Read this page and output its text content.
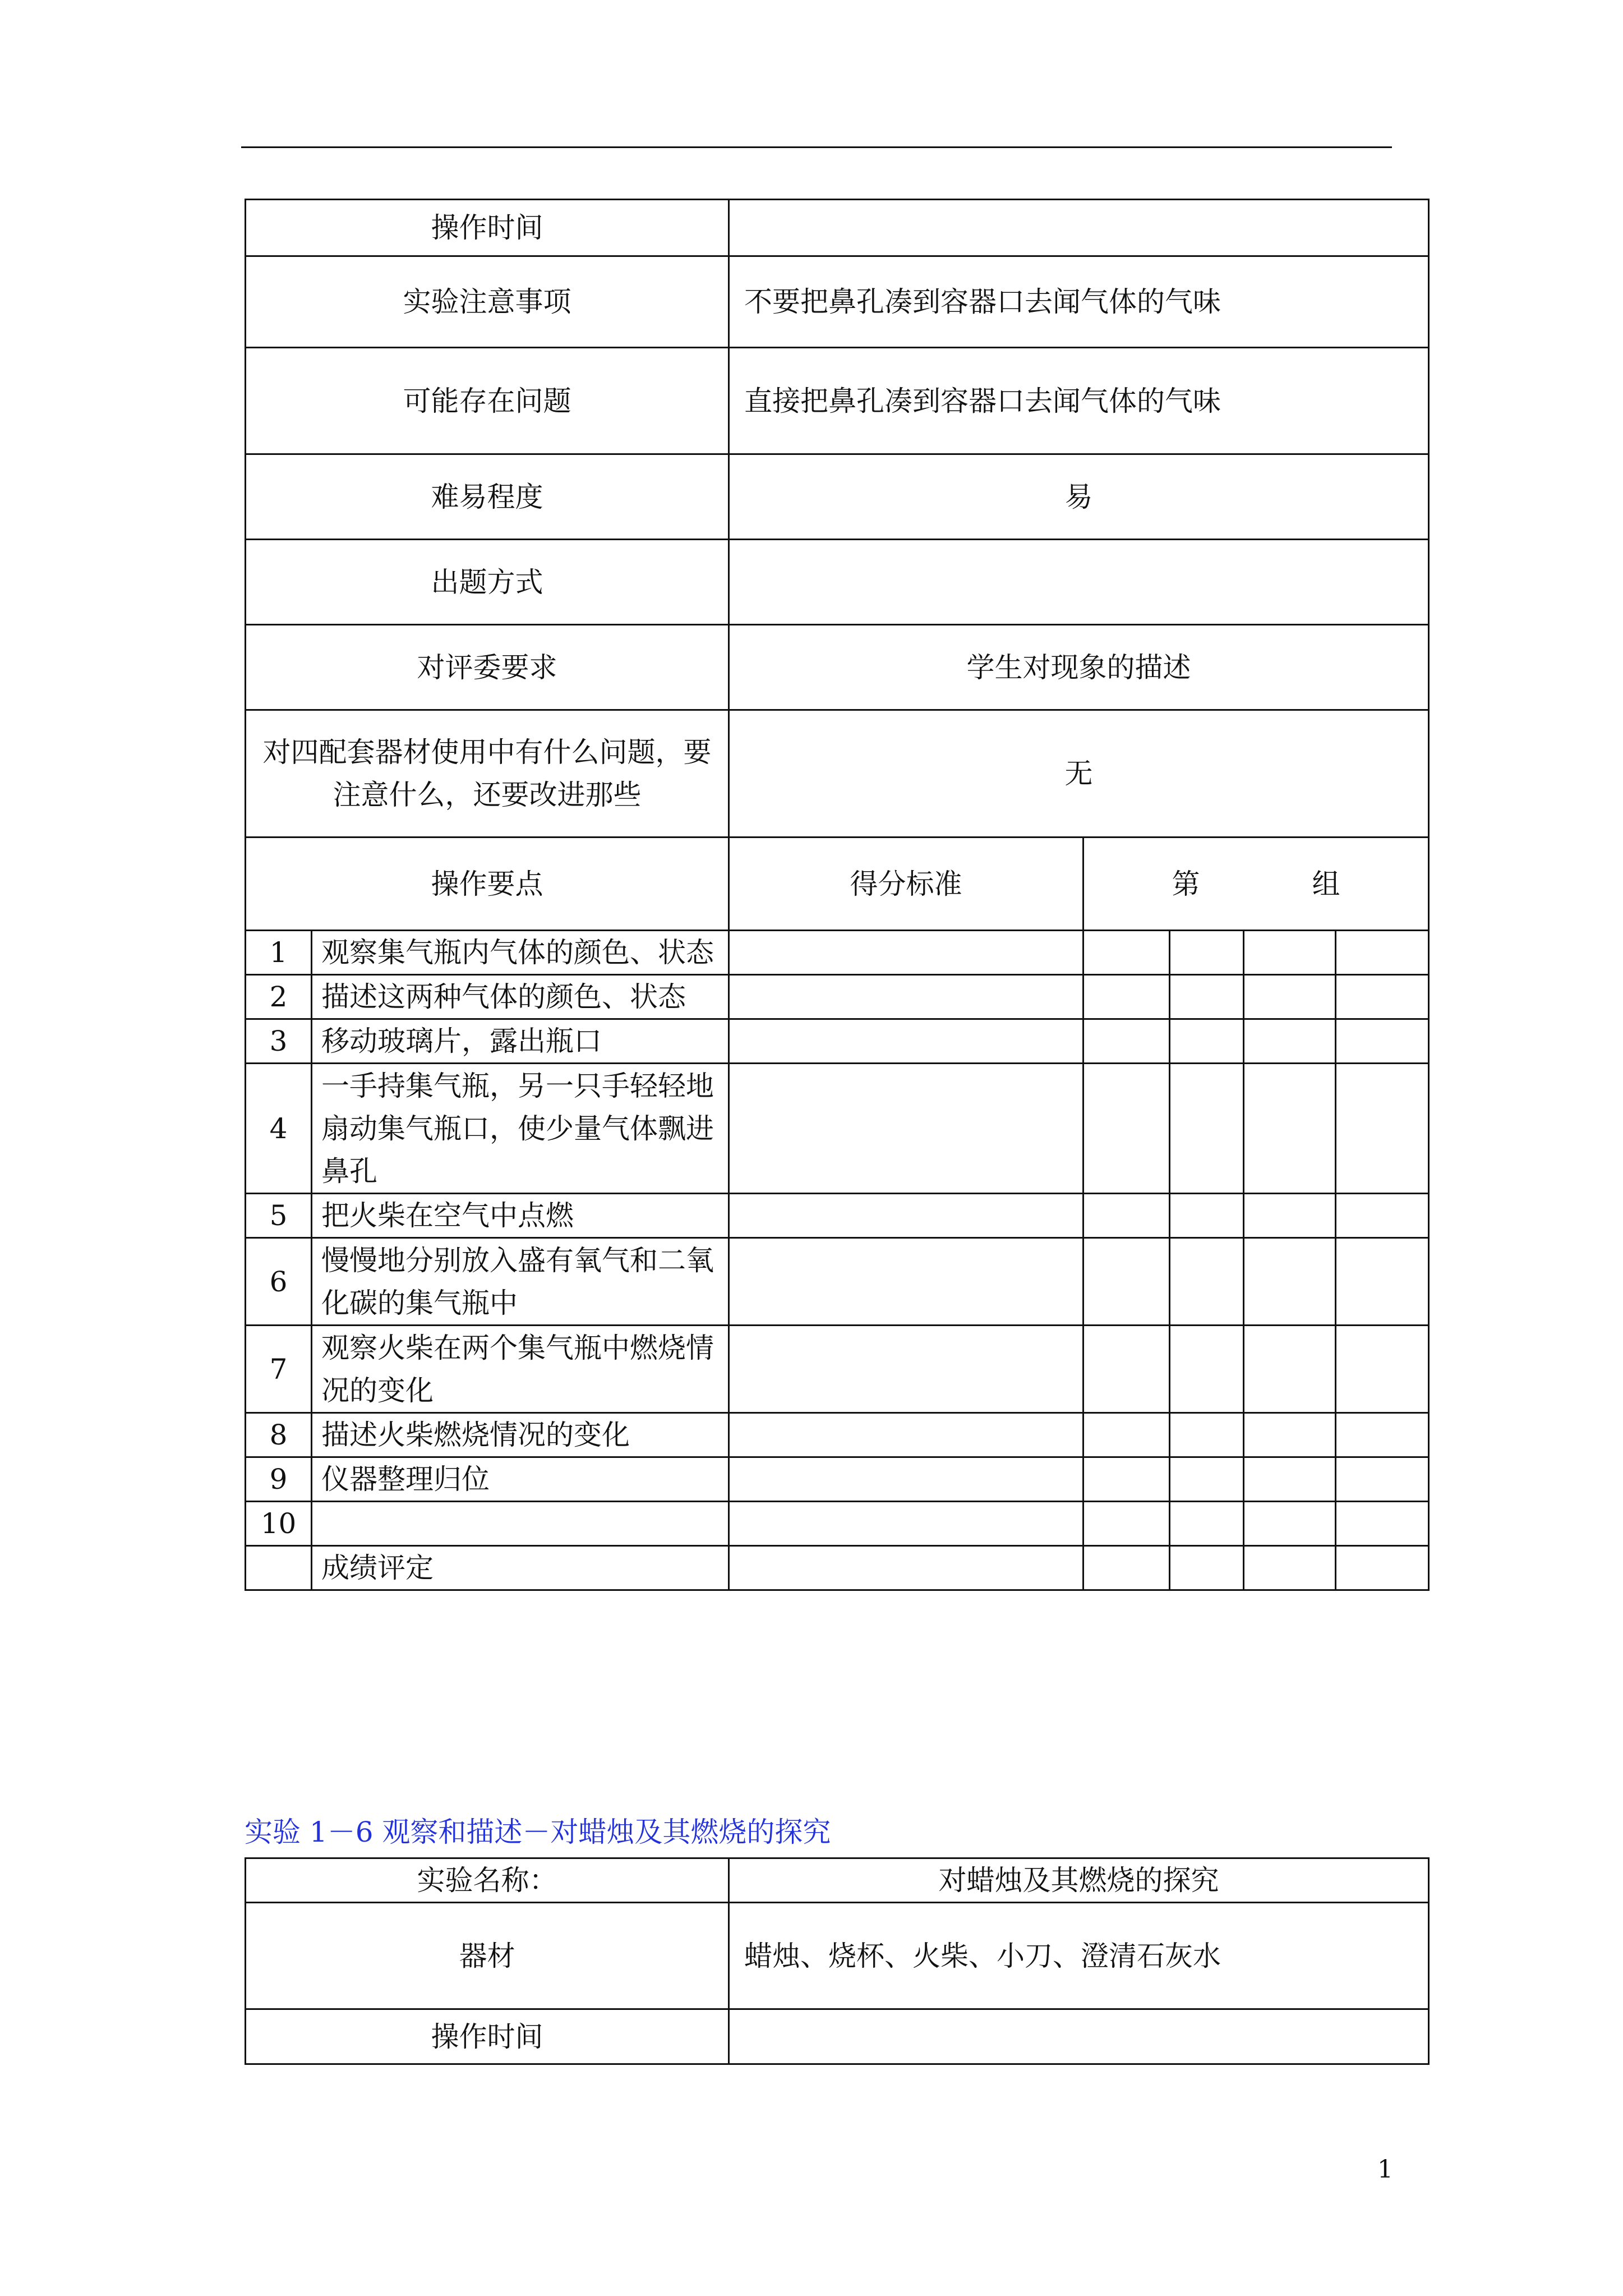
操作时间						
实验注意事项		不要把鼻孔凑到容器口去闻气体的气味				
可能存在问题		直接把鼻孔凑到容器口去闻气体的气味				
难易程度		易				
出题方式						
对评委要求		学生对现象的描述				
对四配套器材使用中有什么问题，要注意什么，还要改进那些		无				
操作要点		得分标准	第 组			
1	观察集气瓶内气体的颜色、状态					
2	描述这两种气体的颜色、状态					
3	移动玻璃片，露出瓶口					
4	一手持集气瓶，另一只手轻轻地扇动集气瓶口，使少量气体飘进鼻孔					
5	把火柴在空气中点燃					
6	慢慢地分别放入盛有氧气和二氧化碳的集气瓶中					
7	观察火柴在两个集气瓶中燃烧情况的变化					
8	描述火柴燃烧情况的变化					
9	仪器整理归位					
10						
	成绩评定					
实验 1－6 观察和描述－对蜡烛及其燃烧的探究
实验名称：	对蜡烛及其燃烧的探究
器材	蜡烛、烧杯、火柴、小刀、澄清石灰水
操作时间	
1
